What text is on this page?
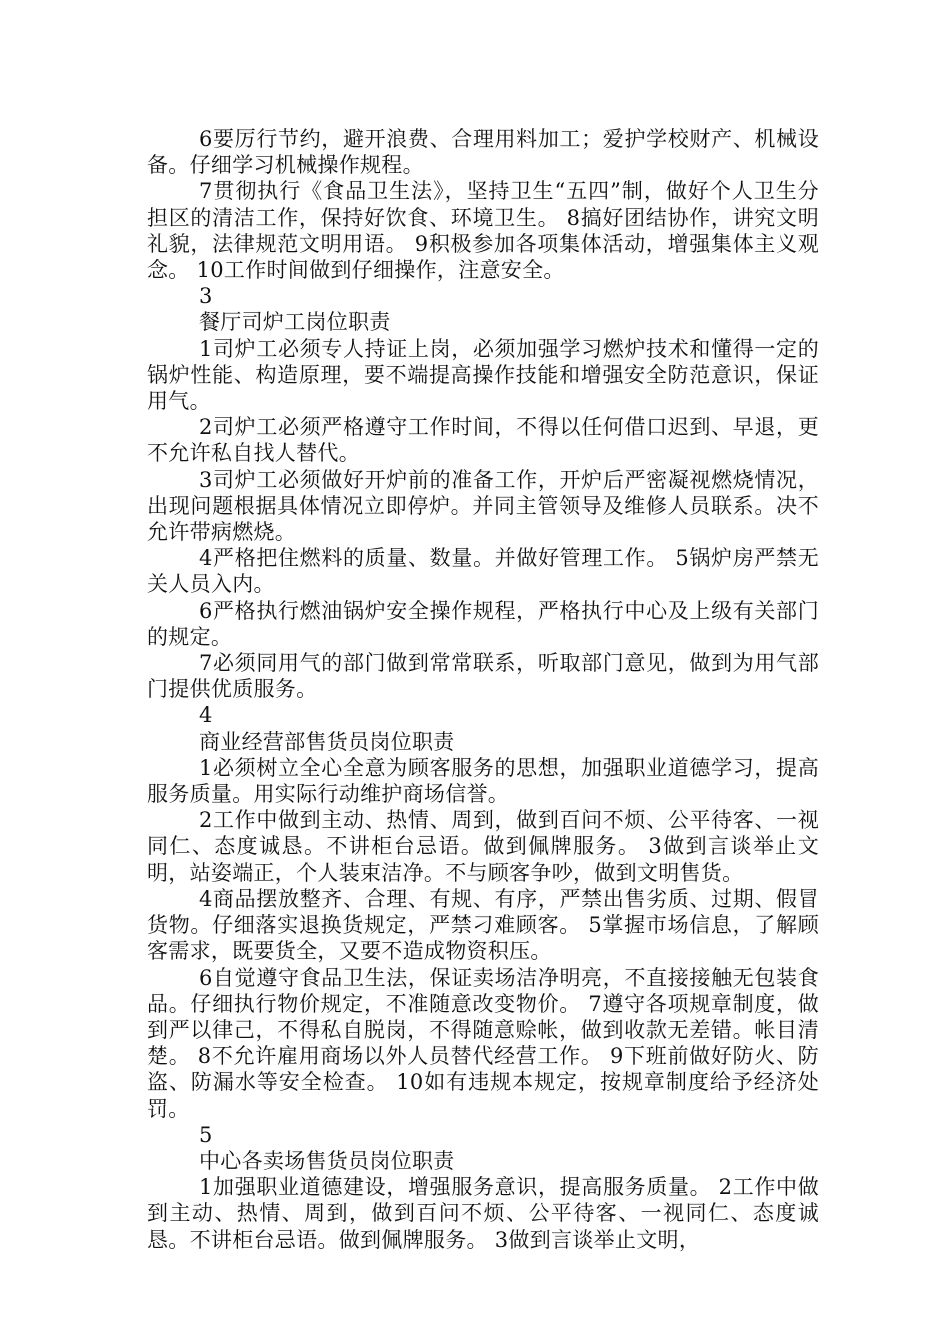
6要厉行节约，避开浪费、合理用料加工；爱护学校财产、机械设备。仔细学习机械操作规程。

7贯彻执行《食品卫生法》，坚持卫生“五四”制，做好个人卫生分担区的清洁工作，保持好饮食、环境卫生。 8搞好团结协作，讲究文明礼貌，法律规范文明用语。 9积极参加各项集体活动，增强集体主义观念。 10工作时间做到仔细操作，注意安全。

3

餐厅司炉工岗位职责

1司炉工必须专人持证上岗，必须加强学习燃炉技术和懂得一定的锅炉性能、构造原理，要不端提高操作技能和增强安全防范意识，保证用气。

2司炉工必须严格遵守工作时间，不得以任何借口迟到、早退，更不允许私自找人替代。

3司炉工必须做好开炉前的准备工作，开炉后严密凝视燃烧情况，出现问题根据具体情况立即停炉。并同主管领导及维修人员联系。决不允许带病燃烧。

4严格把住燃料的质量、数量。并做好管理工作。 5锅炉房严禁无关人员入内。

6严格执行燃油锅炉安全操作规程，严格执行中心及上级有关部门的规定。

7必须同用气的部门做到常常联系，听取部门意见，做到为用气部门提供优质服务。

4

商业经营部售货员岗位职责

1必须树立全心全意为顾客服务的思想，加强职业道德学习，提高服务质量。用实际行动维护商场信誉。

2工作中做到主动、热情、周到，做到百问不烦、公平待客、一视同仁、态度诚恳。不讲柜台忌语。做到佩牌服务。 3做到言谈举止文明，站姿端正，个人装束洁净。不与顾客争吵，做到文明售货。

4商品摆放整齐、合理、有规、有序，严禁出售劣质、过期、假冒货物。仔细落实退换货规定，严禁刁难顾客。 5掌握市场信息，了解顾客需求，既要货全，又要不造成物资积压。

6自觉遵守食品卫生法，保证卖场洁净明亮，不直接接触无包装食品。仔细执行物价规定，不准随意改变物价。 7遵守各项规章制度，做到严以律己，不得私自脱岗，不得随意赊帐，做到收款无差错。帐目清楚。 8不允许雇用商场以外人员替代经营工作。 9下班前做好防火、防盗、防漏水等安全检查。 10如有违规本规定，按规章制度给予经济处罚。

5

中心各卖场售货员岗位职责

1加强职业道德建设，增强服务意识，提高服务质量。 2工作中做到主动、热情、周到，做到百问不烦、公平待客、一视同仁、态度诚恳。不讲柜台忌语。做到佩牌服务。 3做到言谈举止文明，
